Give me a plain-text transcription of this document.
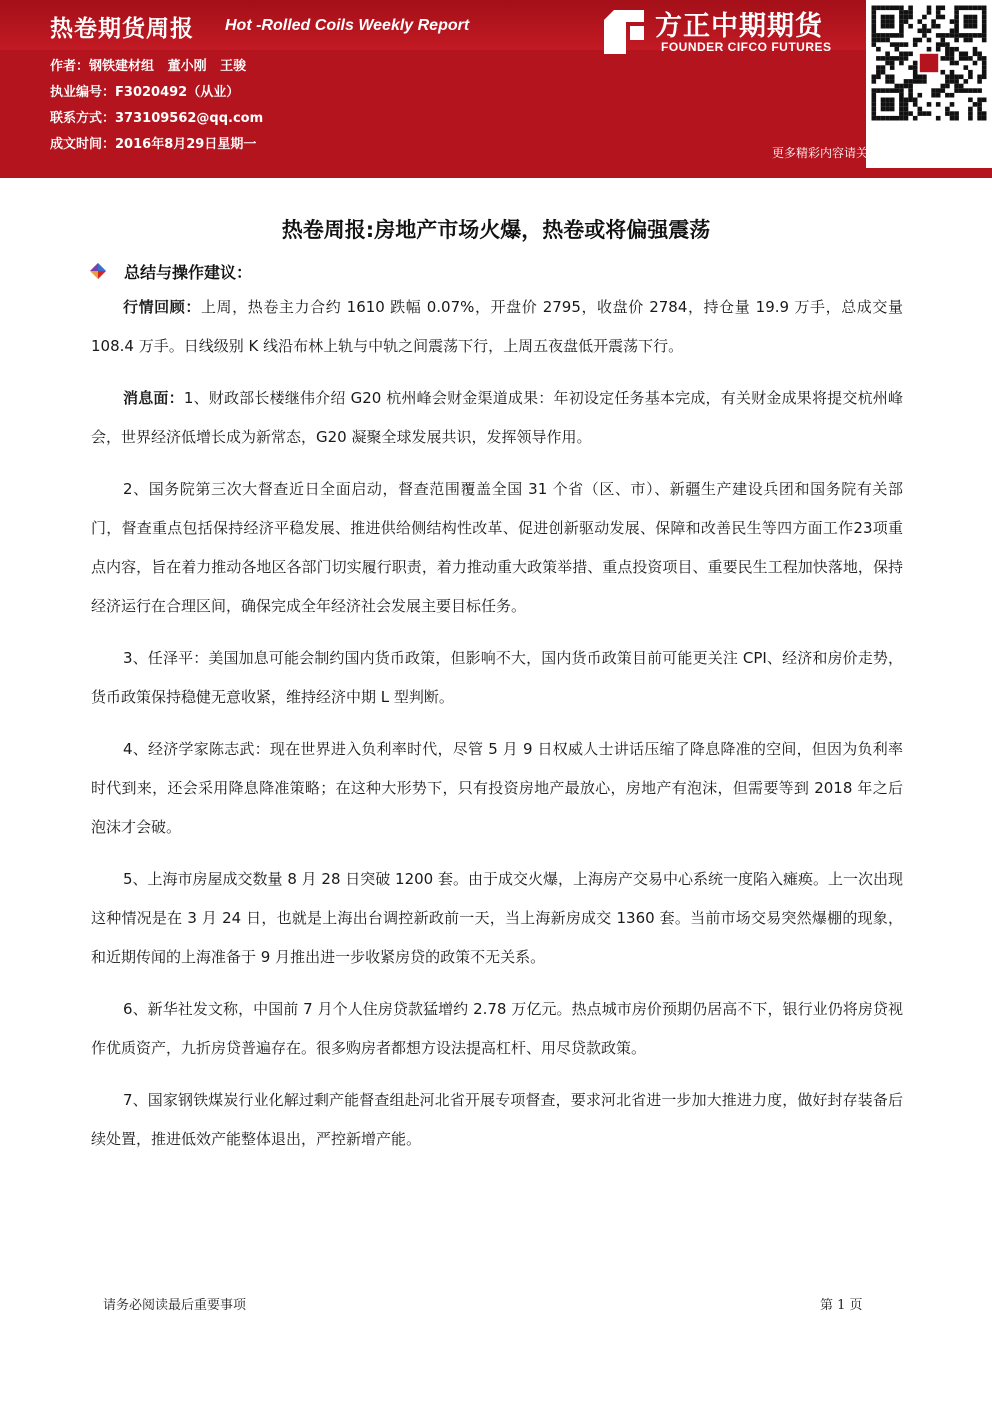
热卷期货周报 Hot -Rolled Coils Weekly Report
作者：钢铁建材组   董小刚   王骏
执业编号：F3020492（从业）
联系方式：373109562@qq.com
成文时间：2016年8月29日星期一
方正中期期货
FOUNDER CIFCO FUTURES
更多精彩内容请关注方正中期官方微信
热卷周报:房地产市场火爆，热卷或将偏强震荡
总结与操作建议：

行情回顾：上周，热卷主力合约 1610 跌幅 0.07%，开盘价 2795，收盘价 2784，持仓量 19.9 万手，总成交量 108.4 万手。日线级别 K 线沿布林上轨与中轨之间震荡下行，上周五夜盘低开震荡下行。

消息面：1、财政部长楼继伟介绍 G20 杭州峰会财金渠道成果：年初设定任务基本完成，有关财金成果将提交杭州峰会，世界经济低增长成为新常态，G20 凝聚全球发展共识，发挥领导作用。

2、国务院第三次大督查近日全面启动，督查范围覆盖全国 31 个省（区、市）、新疆生产建设兵团和国务院有关部门，督查重点包括保持经济平稳发展、推进供给侧结构性改革、促进创新驱动发展、保障和改善民生等四方面工作23项重点内容，旨在着力推动各地区各部门切实履行职责，着力推动重大政策举措、重点投资项目、重要民生工程加快落地，保持经济运行在合理区间，确保完成全年经济社会发展主要目标任务。

3、任泽平：美国加息可能会制约国内货币政策，但影响不大，国内货币政策目前可能更关注 CPI、经济和房价走势，货币政策保持稳健无意收紧，维持经济中期 L 型判断。

4、经济学家陈志武：现在世界进入负利率时代，尽管 5 月 9 日权威人士讲话压缩了降息降准的空间，但因为负利率时代到来，还会采用降息降准策略；在这种大形势下，只有投资房地产最放心，房地产有泡沫，但需要等到 2018 年之后泡沫才会破。

5、上海市房屋成交数量 8 月 28 日突破 1200 套。由于成交火爆，上海房产交易中心系统一度陷入瘫痪。上一次出现这种情况是在 3 月 24 日，也就是上海出台调控新政前一天，当上海新房成交 1360 套。当前市场交易突然爆棚的现象，和近期传闻的上海准备于 9 月推出进一步收紧房贷的政策不无关系。

6、新华社发文称，中国前 7 月个人住房贷款猛增约 2.78 万亿元。热点城市房价预期仍居高不下，银行业仍将房贷视作优质资产，九折房贷普遍存在。很多购房者都想方设法提高杠杆、用尽贷款政策。

7、国家钢铁煤炭行业化解过剩产能督查组赴河北省开展专项督查，要求河北省进一步加大推进力度，做好封存装备后续处置，推进低效产能整体退出，严控新增产能。

请务必阅读最后重要事项	第 1 页
